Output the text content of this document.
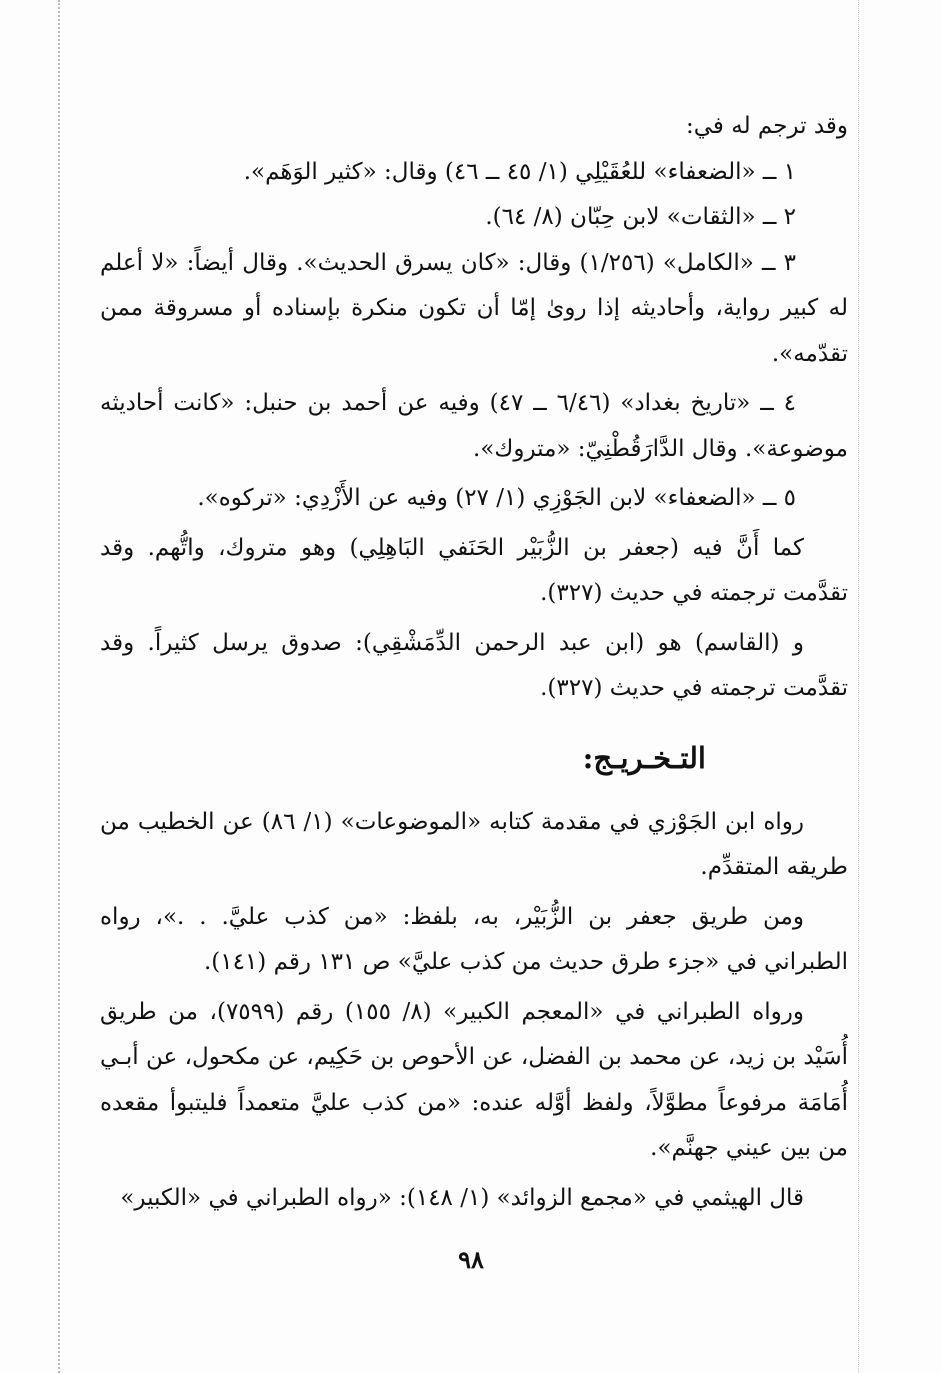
وقد ترجم له في:

١ ــ «الضعفاء» للعُقَيْلِي (١/ ٤٥ ــ ٤٦) وقال: «كثير الوَهَم».

٢ ــ «الثقات» لابن حِبّان (٨/ ٦٤).

٣ ــ «الكامل» (١/٢٥٦) وقال: «كان يسرق الحديث». وقال أيضاً: «لا أعلم له كبير رواية، وأحاديثه إذا روىٰ إمّا أن تكون منكرة بإسناده أو مسروقة ممن تقدّمه».

٤ ــ «تاريخ بغداد» (٦/٤٦ ــ ٤٧) وفيه عن أحمد بن حنبل: «كانت أحاديثه موضوعة». وقال الدَّارَقُطْنِيّ: «متروك».

٥ ــ «الضعفاء» لابن الجَوْزِي (١/ ٢٧) وفيه عن الأَزْدِي: «تركوه».

كما أَنَّ فيه (جعفر بن الزُّبَيْر الحَنَفي البَاهِلِي) وهو متروك، واتُّهم. وقد تقدَّمت ترجمته في حديث (٣٢٧).

و (القاسم) هو (ابن عبد الرحمن الدِّمَشْقِي): صدوق يرسل كثيراً. وقد تقدَّمت ترجمته في حديث (٣٢٧).

التـخـريـج:

رواه ابن الجَوْزي في مقدمة كتابه «الموضوعات» (١/ ٨٦) عن الخطيب من طريقه المتقدِّم.

ومن طريق جعفر بن الزُّبَيْر، به، بلفظ: «من كذب عليَّ. . .»، رواه الطبراني في «جزء طرق حديث من كذب عليَّ» ص ١٣١ رقم (١٤١).

ورواه الطبراني في «المعجم الكبير» (٨/ ١٥٥) رقم (٧٥٩٩)، من طريق أُسَيْد بن زيد، عن محمد بن الفضل، عن الأحوص بن حَكِيم، عن مكحول، عن أبـي أُمَامَة مرفوعاً مطوَّلاً، ولفظ أوَّله عنده: «من كذب عليَّ متعمداً فليتبوأ مقعده من بين عيني جهنَّم».

قال الهيثمي في «مجمع الزوائد» (١/ ١٤٨): «رواه الطبراني في «الكبير»

٩٨
